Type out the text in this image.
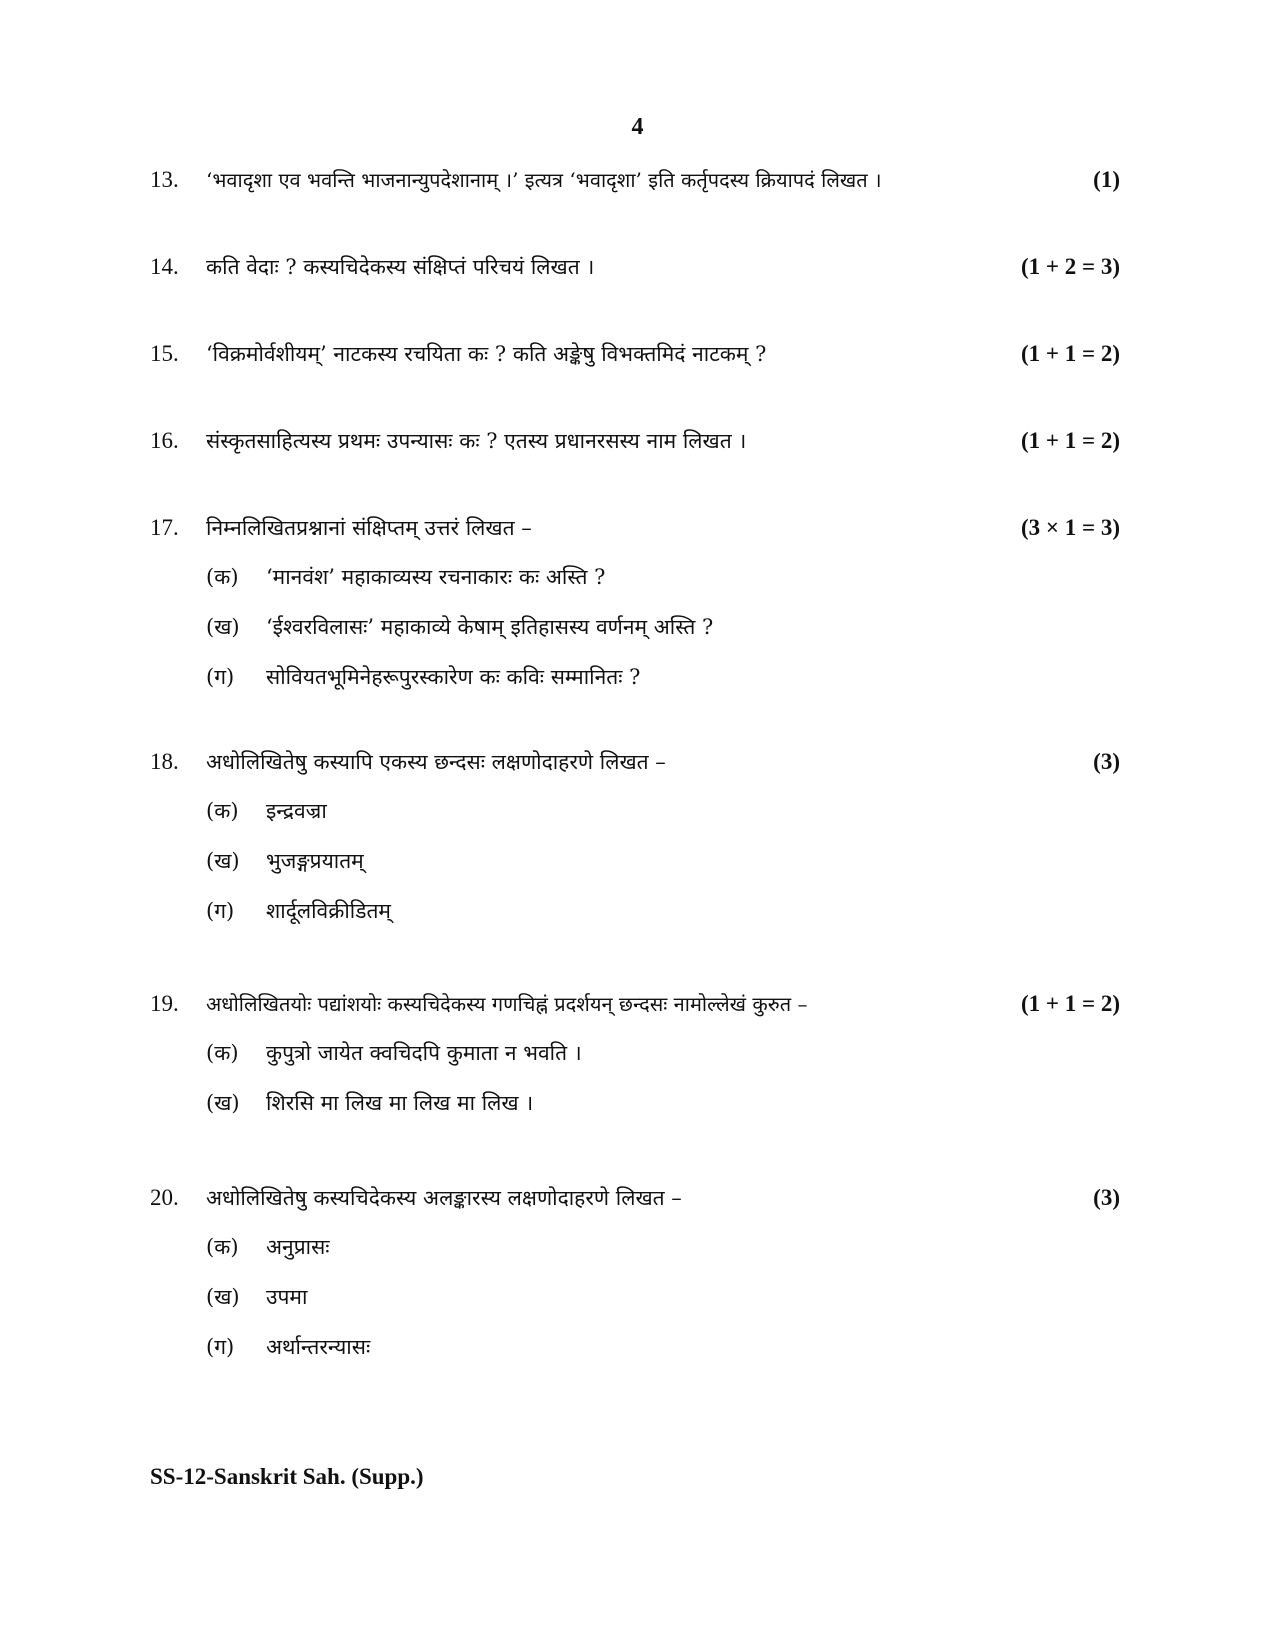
4
13. ‘भवादृशा एव भवन्ति भाजनान्युपदेशानाम् ।’ इत्यत्र ‘भवादृशा’ इति कर्तृपदस्य क्रियापदं लिखत ।	(1)
14. कति वेदाः ? कस्यचिदेकस्य संक्षिप्तं परिचयं लिखत ।	(1 + 2 = 3)
15. ‘विक्रमोर्वशीयम्’ नाटकस्य रचयिता कः ? कति अङ्केषु विभक्तमिदं नाटकम् ?	(1 + 1 = 2)
16. संस्कृतसाहित्यस्य प्रथमः उपन्यासः कः ? एतस्य प्रधानरसस्य नाम लिखत ।	(1 + 1 = 2)
17. निम्नलिखितप्रश्नानां संक्षिप्तम् उत्तरं लिखत –	(3 × 1 = 3)
(क) ‘मानवंश’ महाकाव्यस्य रचनाकारः कः अस्ति ?
(ख) ‘ईश्वरविलासः’ महाकाव्ये केषाम् इतिहासस्य वर्णनम् अस्ति ?
(ग) सोवियतभूमिनेहरूपुरस्कारेण कः कविः सम्मानितः ?
18. अधोलिखितेषु कस्यापि एकस्य छन्दसः लक्षणोदाहरणे लिखत –	(3)
(क) इन्द्रवज्रा
(ख) भुजङ्गप्रयातम्
(ग) शार्दूलविक्रीडितम्
19. अधोलिखितयोः पद्यांशयोः कस्यचिदेकस्य गणचिह्नं प्रदर्शयन् छन्दसः नामोल्लेखं कुरुत –	(1 + 1 = 2)
(क) कुपुत्रो जायेत क्वचिदपि कुमाता न भवति ।
(ख) शिरसि मा लिख मा लिख मा लिख ।
20. अधोलिखितेषु कस्यचिदेकस्य अलङ्कारस्य लक्षणोदाहरणे लिखत –	(3)
(क) अनुप्रासः
(ख) उपमा
(ग) अर्थान्तरन्यासः
SS-12-Sanskrit Sah. (Supp.)
